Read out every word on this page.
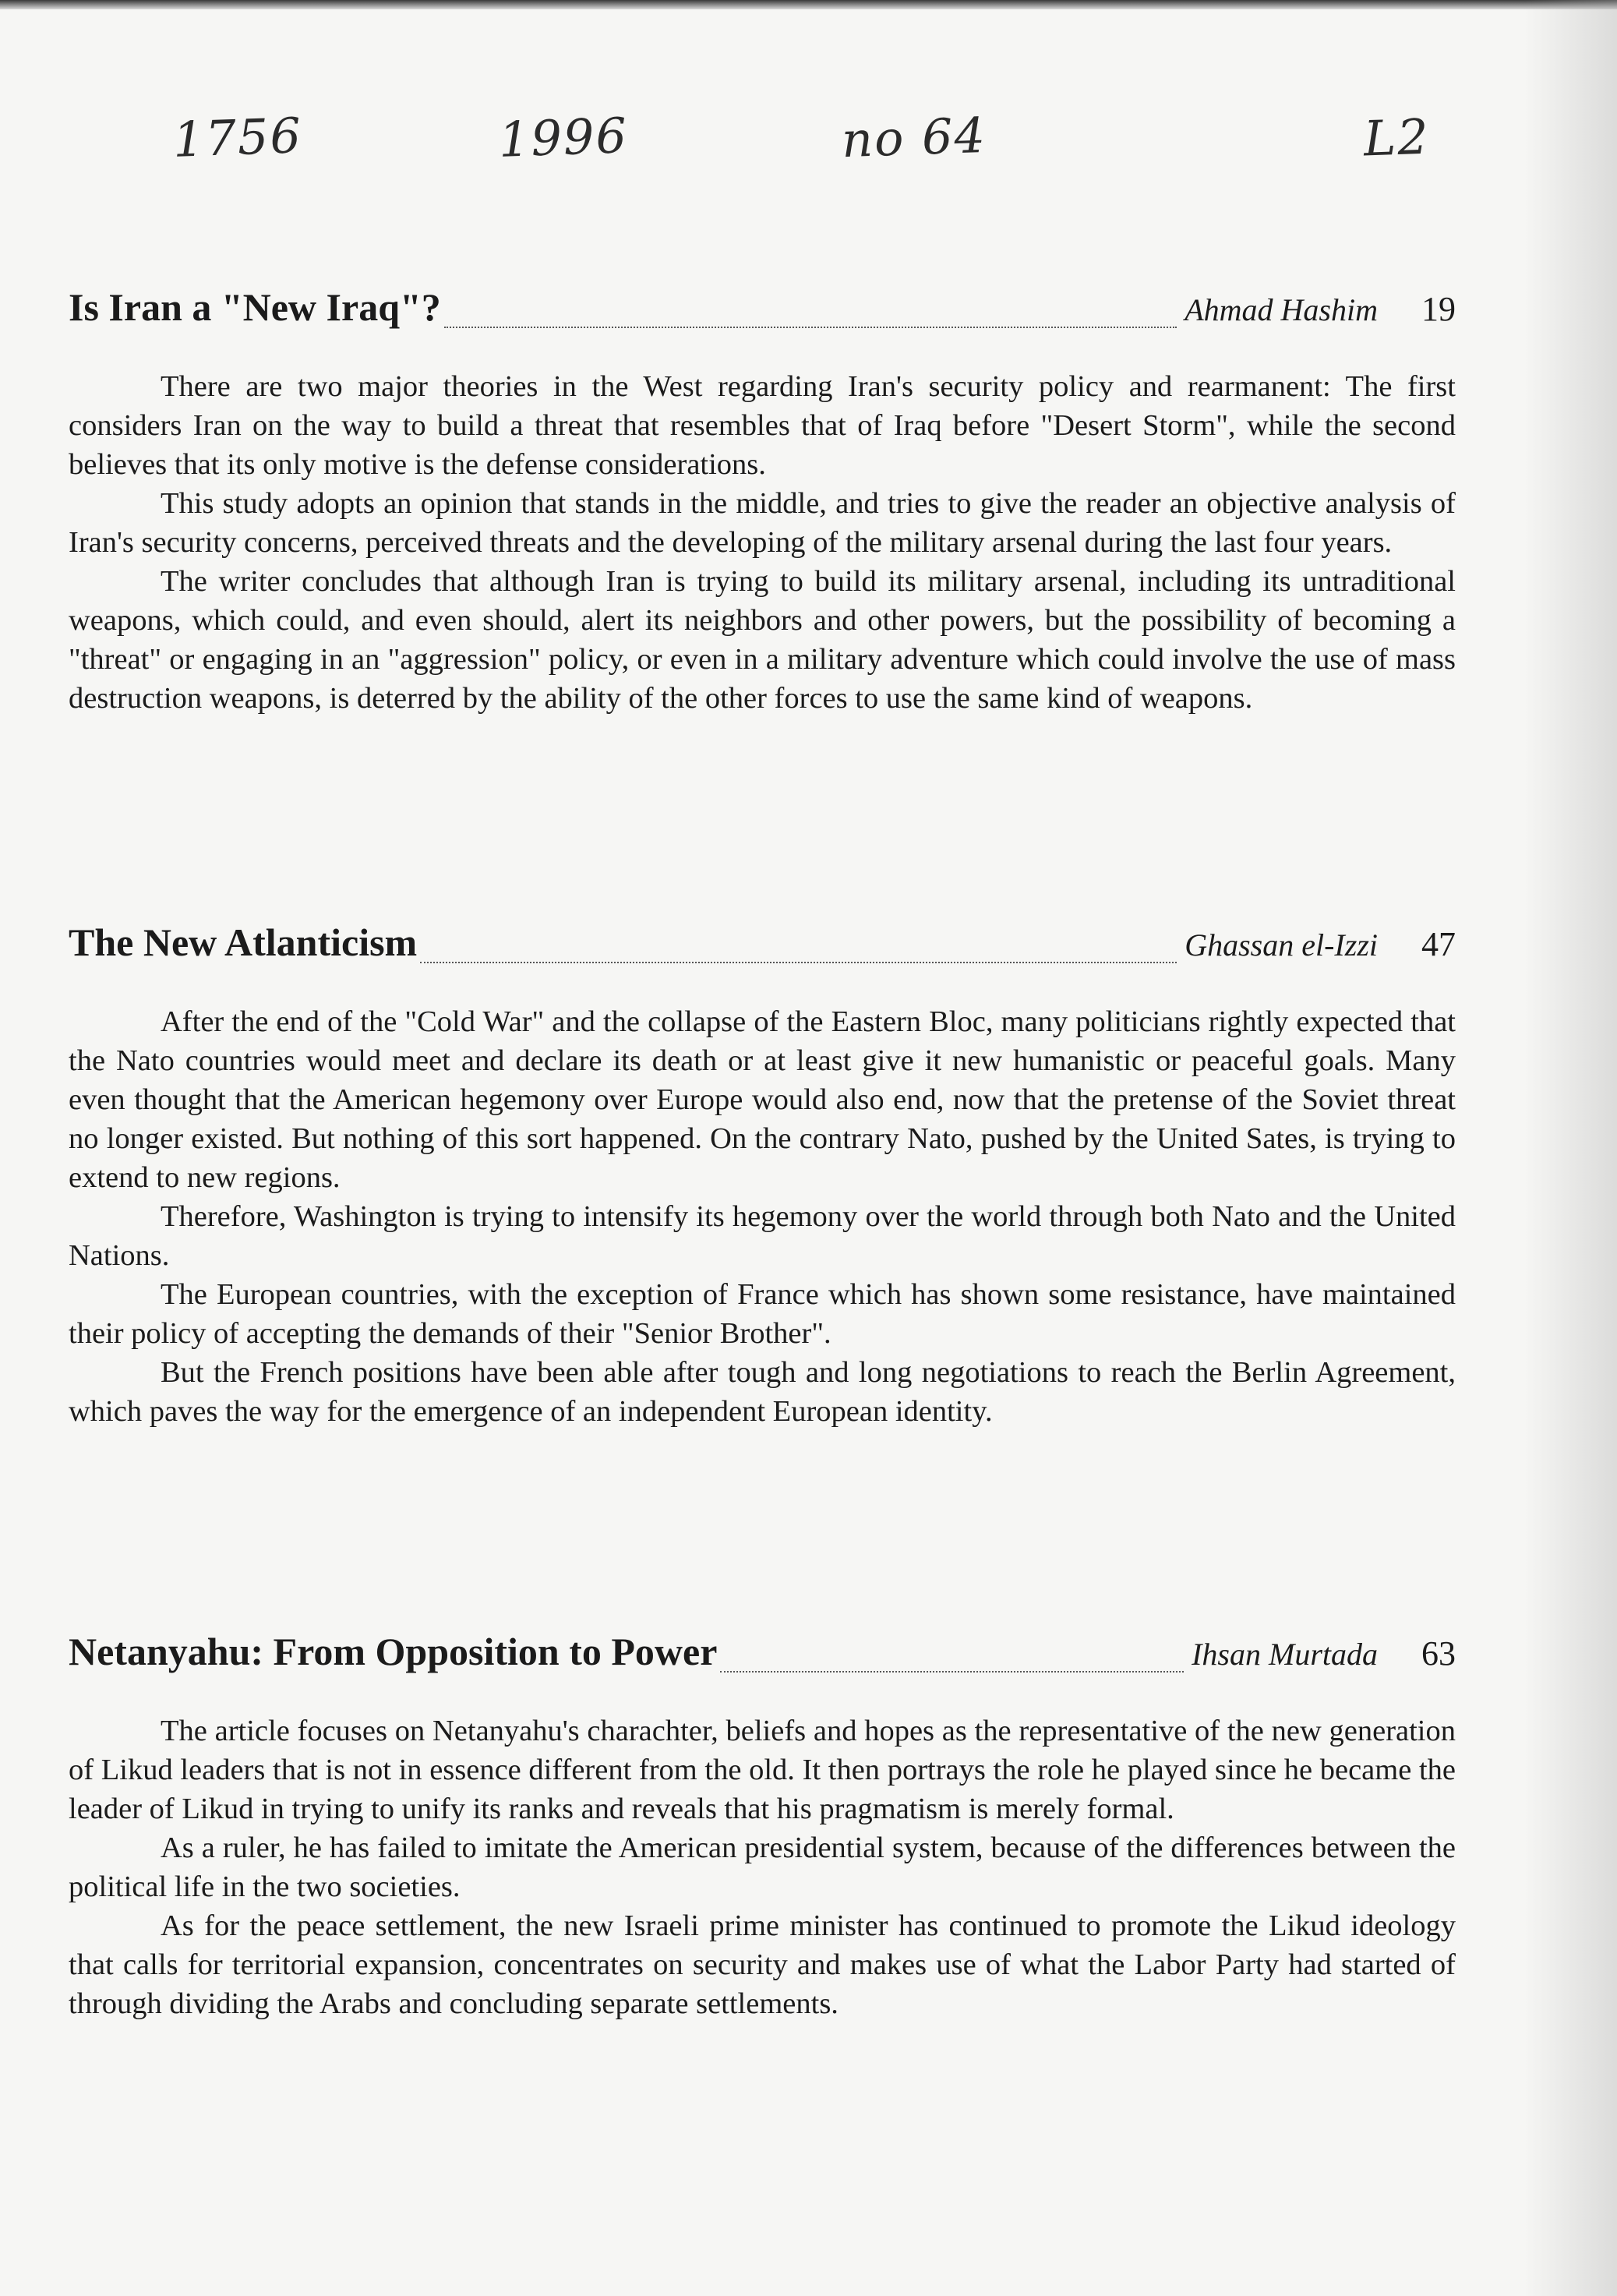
1756	1996	no 64	L2
Is Iran a "New Iraq"?	Ahmad Hashim	19

There are two major theories in the West regarding Iran's security policy and rearmanent: The first considers Iran on the way to build a threat that resembles that of Iraq before "Desert Storm", while the second believes that its only motive is the defense considerations.

This study adopts an opinion that stands in the middle, and tries to give the reader an objective analysis of Iran's security concerns, perceived threats and the developing of the military arsenal during the last four years.

The writer concludes that although Iran is trying to build its military arsenal, including its untraditional weapons, which could, and even should, alert its neighbors and other powers, but the possibility of becoming a "threat" or engaging in an "aggression" policy, or even in a military adventure which could involve the use of mass destruction weapons, is deterred by the ability of the other forces to use the same kind of weapons.

The New Atlanticism	Ghassan el-Izzi	47

After the end of the "Cold War" and the collapse of the Eastern Bloc, many politicians rightly expected that the Nato countries would meet and declare its death or at least give it new humanistic or peaceful goals. Many even thought that the American hegemony over Europe would also end, now that the pretense of the Soviet threat no longer existed. But nothing of this sort happened. On the contrary Nato, pushed by the United Sates, is trying to extend to new regions.

Therefore, Washington is trying to intensify its hegemony over the world through both Nato and the United Nations.

The European countries, with the exception of France which has shown some resistance, have maintained their policy of accepting the demands of their "Senior Brother".

But the French positions have been able after tough and long negotiations to reach the Berlin Agreement, which paves the way for the emergence of an independent European identity.

Netanyahu: From Opposition to Power	Ihsan Murtada	63

The article focuses on Netanyahu's charachter, beliefs and hopes as the representative of the new generation of Likud leaders that is not in essence different from the old. It then portrays the role he played since he became the leader of Likud in trying to unify its ranks and reveals that his pragmatism is merely formal.

As a ruler, he has failed to imitate the American presidential system, because of the differences between the political life in the two societies.

As for the peace settlement, the new Israeli prime minister has continued to promote the Likud ideology that calls for territorial expansion, concentrates on security and makes use of what the Labor Party had started of through dividing the Arabs and concluding separate settlements.
